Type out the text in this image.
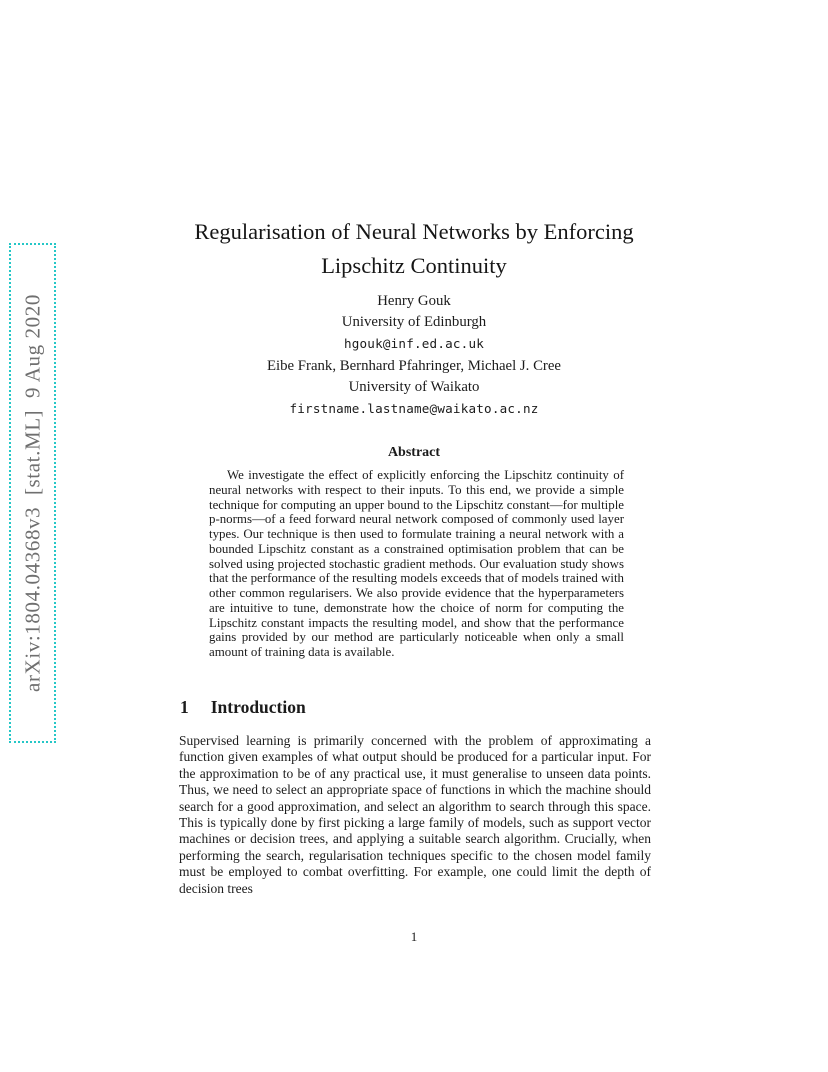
arXiv:1804.04368v3  [stat.ML]  9 Aug 2020
Regularisation of Neural Networks by Enforcing
Lipschitz Continuity
Henry Gouk
University of Edinburgh
hgouk@inf.ed.ac.uk
Eibe Frank, Bernhard Pfahringer, Michael J. Cree
University of Waikato
firstname.lastname@waikato.ac.nz
Abstract
We investigate the effect of explicitly enforcing the Lipschitz continuity of neural networks with respect to their inputs. To this end, we provide a simple technique for computing an upper bound to the Lipschitz constant—for multiple p-norms—of a feed forward neural network composed of commonly used layer types. Our technique is then used to formulate training a neural network with a bounded Lipschitz constant as a constrained optimisation problem that can be solved using projected stochastic gradient methods. Our evaluation study shows that the performance of the resulting models exceeds that of models trained with other common regularisers. We also provide evidence that the hyperparameters are intuitive to tune, demonstrate how the choice of norm for computing the Lipschitz constant impacts the resulting model, and show that the performance gains provided by our method are particularly noticeable when only a small amount of training data is available.
1 Introduction
Supervised learning is primarily concerned with the problem of approximating a function given examples of what output should be produced for a particular input. For the approximation to be of any practical use, it must generalise to unseen data points. Thus, we need to select an appropriate space of functions in which the machine should search for a good approximation, and select an algorithm to search through this space. This is typically done by first picking a large family of models, such as support vector machines or decision trees, and applying a suitable search algorithm. Crucially, when performing the search, regularisation techniques specific to the chosen model family must be employed to combat overfitting. For example, one could limit the depth of decision trees
1
